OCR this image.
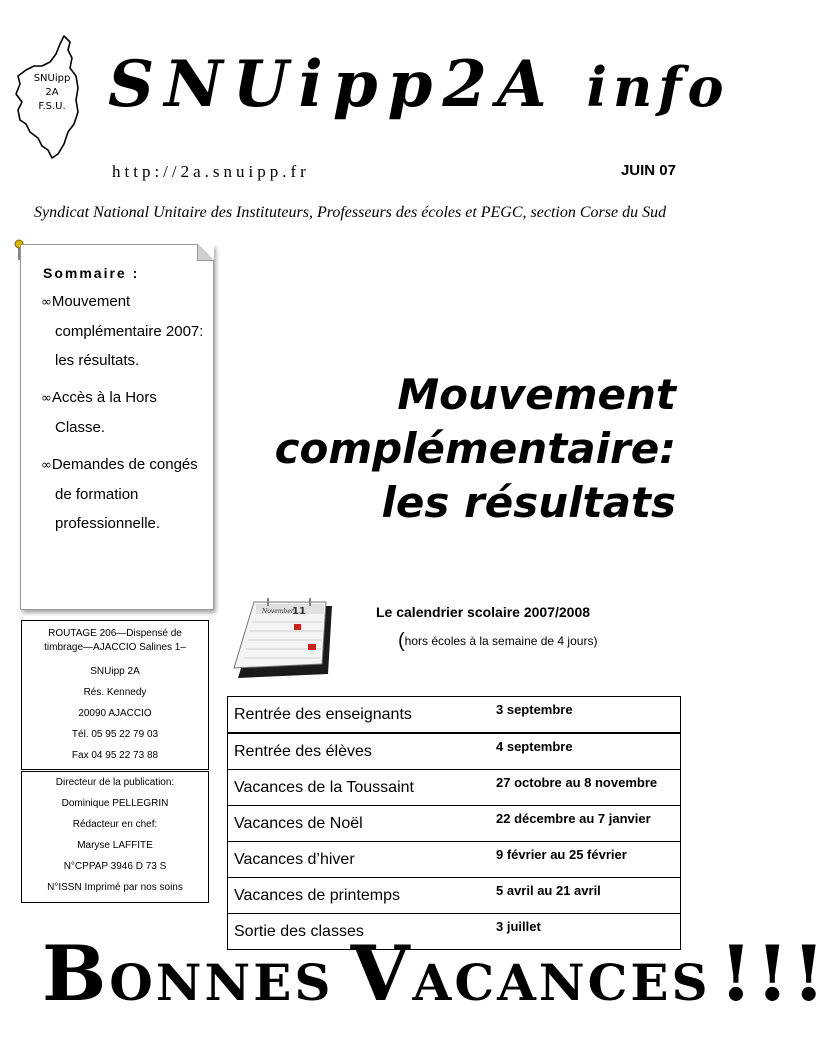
SNUipp 2A
F.S.U. SNUipp2A info
http://2a.snuipp.fr	JUIN 07
Syndicat National Unitaire des Instituteurs, Professeurs des écoles et PEGC, section Corse du Sud
Sommaire :
∞Mouvement complémentaire 2007: les résultats.
∞Accès à la Hors Classe.
∞Demandes de congés de formation professionnelle.
Mouvement
complémentaire:
les résultats

ROUTAGE 206—Dispensé de timbrage—AJACCIO Salines 1–

SNUipp 2A

Rés. Kennedy

20090 AJACCIO

Tél. 05 95 22 79 03

Fax 04 95 22 73 88

Directeur de la publication:

Dominique PELLEGRIN

Rédacteur en chef:

Maryse LAFFITE

N°CPPAP 3946 D 73 S

N°ISSN Imprimé par nos soins

November
11	Le calendrier scolaire 2007/2008
(hors écoles à la semaine de 4 jours)
Rentrée des enseignants	3 septembre
Rentrée des élèves	4 septembre
Vacances de la Toussaint	27 octobre au 8 novembre
Vacances de Noël	22 décembre au 7 janvier
Vacances d’hiver	9 février au 25 février
Vacances de printemps	5 avril au 21 avril
Sortie des classes	3 juillet
BONNES VACANCES !!!
